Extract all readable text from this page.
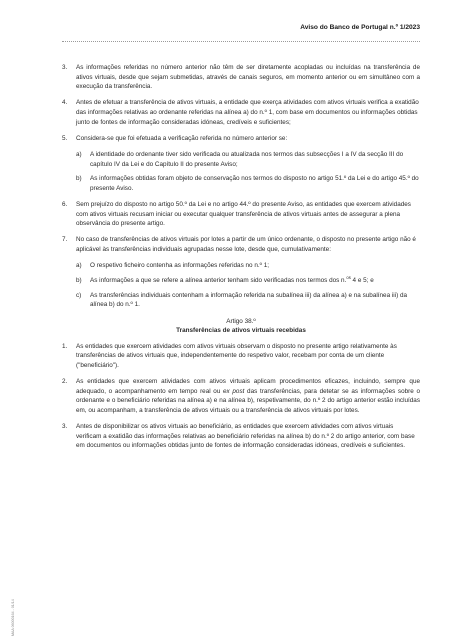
Aviso do Banco de Portugal n.º 1/2023
3. As informações referidas no número anterior não têm de ser diretamente acopladas ou incluídas na transferência de ativos virtuais, desde que sejam submetidas, através de canais seguros, em momento anterior ou em simultâneo com a execução da transferência.
4. Antes de efetuar a transferência de ativos virtuais, a entidade que exerça atividades com ativos virtuais verifica a exatidão das informações relativas ao ordenante referidas na alínea a) do n.º 1, com base em documentos ou informações obtidas junto de fontes de informação consideradas idóneas, credíveis e suficientes;
5. Considera-se que foi efetuada a verificação referida no número anterior se:
a) A identidade do ordenante tiver sido verificada ou atualizada nos termos das subsecções I a IV da secção III do capítulo IV da Lei e do Capítulo II do presente Aviso;
b) As informações obtidas foram objeto de conservação nos termos do disposto no artigo 51.º da Lei e do artigo 45.º do presente Aviso.
6. Sem prejuízo do disposto no artigo 50.º da Lei e no artigo 44.º do presente Aviso, as entidades que exercem atividades com ativos virtuais recusam iniciar ou executar qualquer transferência de ativos virtuais antes de assegurar a plena observância do presente artigo.
7. No caso de transferências de ativos virtuais por lotes a partir de um único ordenante, o disposto no presente artigo não é aplicável às transferências individuais agrupadas nesse lote, desde que, cumulativamente:
a) O respetivo ficheiro contenha as informações referidas no n.º 1;
b) As informações a que se refere a alínea anterior tenham sido verificadas nos termos dos n.$^{os}$ 4 e 5; e
c) As transferências individuais contenham a informação referida na subalínea iii) da alínea a) e na subalínea iii) da alínea b) do n.º 1.
Artigo 38.º
Transferências de ativos virtuais recebidas
1. As entidades que exercem atividades com ativos virtuais observam o disposto no presente artigo relativamente às transferências de ativos virtuais que, independentemente do respetivo valor, recebam por conta de um cliente ("beneficiário").
2. As entidades que exercem atividades com ativos virtuais aplicam procedimentos eficazes, incluindo, sempre que adequado, o acompanhamento em tempo real ou ex post das transferências, para detetar se as informações sobre o ordenante e o beneficiário referidas na alínea a) e na alínea b), respetivamente, do n.º 2 do artigo anterior estão incluídas em, ou acompanham, a transferência de ativos virtuais ou a transferência de ativos virtuais por lotes.
3. Antes de disponibilizar os ativos virtuais ao beneficiário, as entidades que exercem atividades com ativos virtuais verificam a exatidão das informações relativas ao beneficiário referidas na alínea b) do n.º 2 do artigo anterior, com base em documentos ou informações obtidas junto de fontes de informação consideradas idóneas, credíveis e suficientes.
MAA 06000164 - 01/14
